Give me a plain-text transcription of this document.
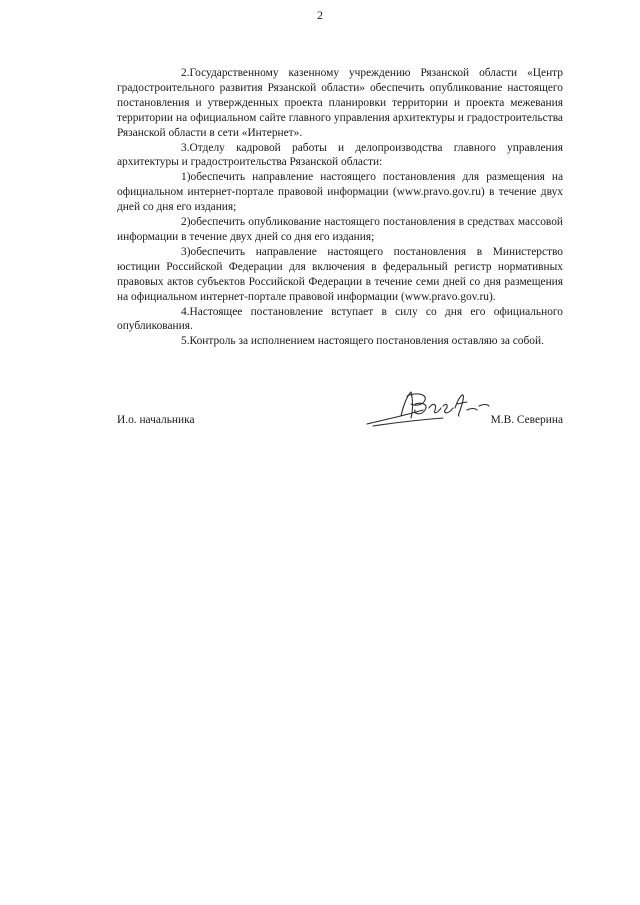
2

2.Государственному казенному учреждению Рязанской области «Центр градостроительного развития Рязанской области» обеспечить опубликование настоящего постановления и утвержденных проекта планировки территории и проекта межевания территории на официальном сайте главного управления архитектуры и градостроительства Рязанской области в сети «Интернет».

3.Отделу кадровой работы и делопроизводства главного управления архитектуры и градостроительства Рязанской области:

1)обеспечить направление настоящего постановления для размещения на официальном интернет-портале правовой информации (www.pravo.gov.ru) в течение двух дней со дня его издания;

2)обеспечить опубликование настоящего постановления в средствах массовой информации в течение двух дней со дня его издания;

3)обеспечить направление настоящего постановления в Министерство юстиции Российской Федерации для включения в федеральный регистр нормативных правовых актов субъектов Российской Федерации в течение семи дней со дня размещения на официальном интернет-портале правовой информации (www.pravo.gov.ru).

4.Настоящее постановление вступает в силу со дня его официального опубликования.

5.Контроль за исполнением настоящего постановления оставляю за собой.

И.о. начальника	М.В. Северина
